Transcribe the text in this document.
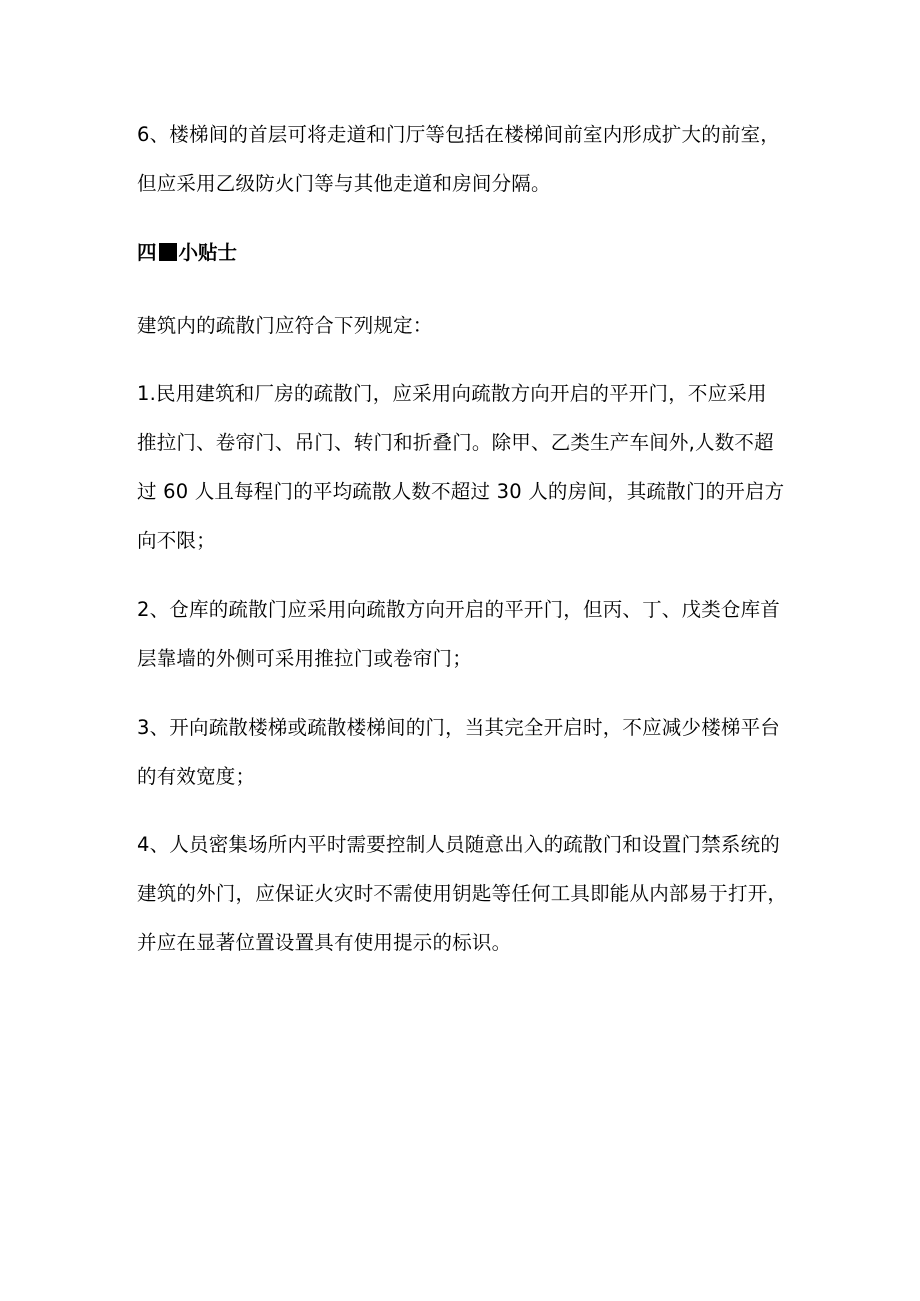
6、楼梯间的首层可将走道和门厅等包括在楼梯间前室内形成扩大的前室，
但应采用乙级防火门等与其他走道和房间分隔。
四 小贴士
建筑内的疏散门应符合下列规定：
1.民用建筑和厂房的疏散门，应采用向疏散方向开启的平开门，不应采用
推拉门、卷帘门、吊门、转门和折叠门。除甲、乙类生产车间外,人数不超
过 60 人且每程门的平均疏散人数不超过 30 人的房间，其疏散门的开启方
向不限；
2、仓库的疏散门应采用向疏散方向开启的平开门，但丙、丁、戊类仓库首
层靠墙的外侧可采用推拉门或卷帘门；
3、开向疏散楼梯或疏散楼梯间的门，当其完全开启时，不应减少楼梯平台
的有效宽度；
4、人员密集场所内平时需要控制人员随意出入的疏散门和设置门禁系统的
建筑的外门，应保证火灾时不需使用钥匙等任何工具即能从内部易于打开，
并应在显著位置设置具有使用提示的标识。
